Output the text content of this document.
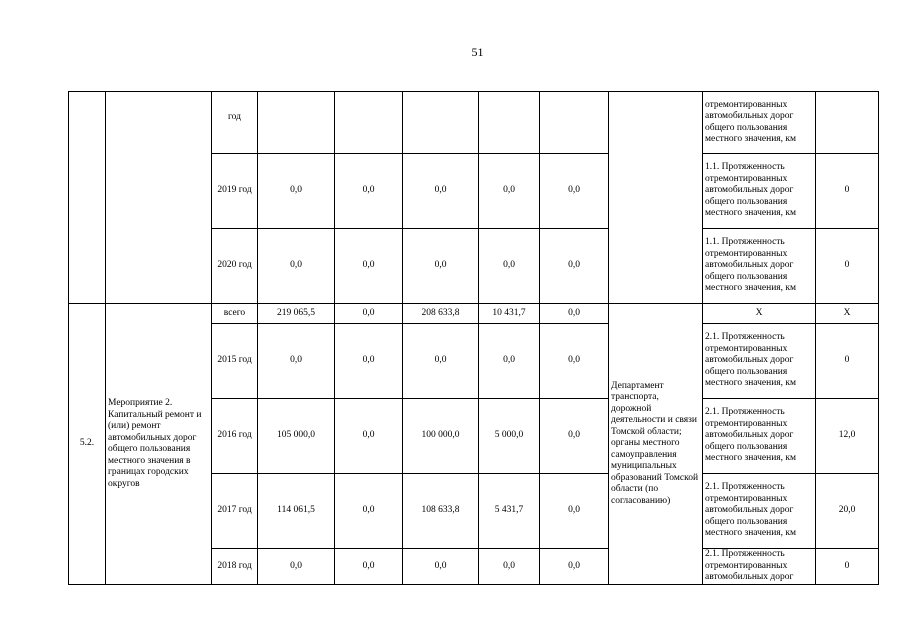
51

		год							отремонтированных автомобильных дорог общего пользования местного значения, км	
		2019 год	0,0	0,0	0,0	0,0	0,0		1.1. Протяженность отремонтированных автомобильных дорог общего пользования местного значения, км	0
		2020 год	0,0	0,0	0,0	0,0	0,0		1.1. Протяженность отремонтированных автомобильных дорог общего пользования местного значения, км	0
5.2.	Мероприятие 2. Капитальный ремонт и (или) ремонт автомобильных дорог общего пользования местного значения в границах городских округов	всего	219 065,5	0,0	208 633,8	10 431,7	0,0	Департамент транспорта, дорожной деятельности и связи Томской области; органы местного самоуправления муниципальных образований Томской области (по согласованию)	X	X
		2015 год	0,0	0,0	0,0	0,0	0,0		2.1. Протяженность отремонтированных автомобильных дорог общего пользования местного значения, км	0
		2016 год	105 000,0	0,0	100 000,0	5 000,0	0,0		2.1. Протяженность отремонтированных автомобильных дорог общего пользования местного значения, км	12,0
		2017 год	114 061,5	0,0	108 633,8	5 431,7	0,0		2.1. Протяженность отремонтированных автомобильных дорог общего пользования местного значения, км	20,0
		2018 год	0,0	0,0	0,0	0,0	0,0		2.1. Протяженность отремонтированных автомобильных дорог	0
